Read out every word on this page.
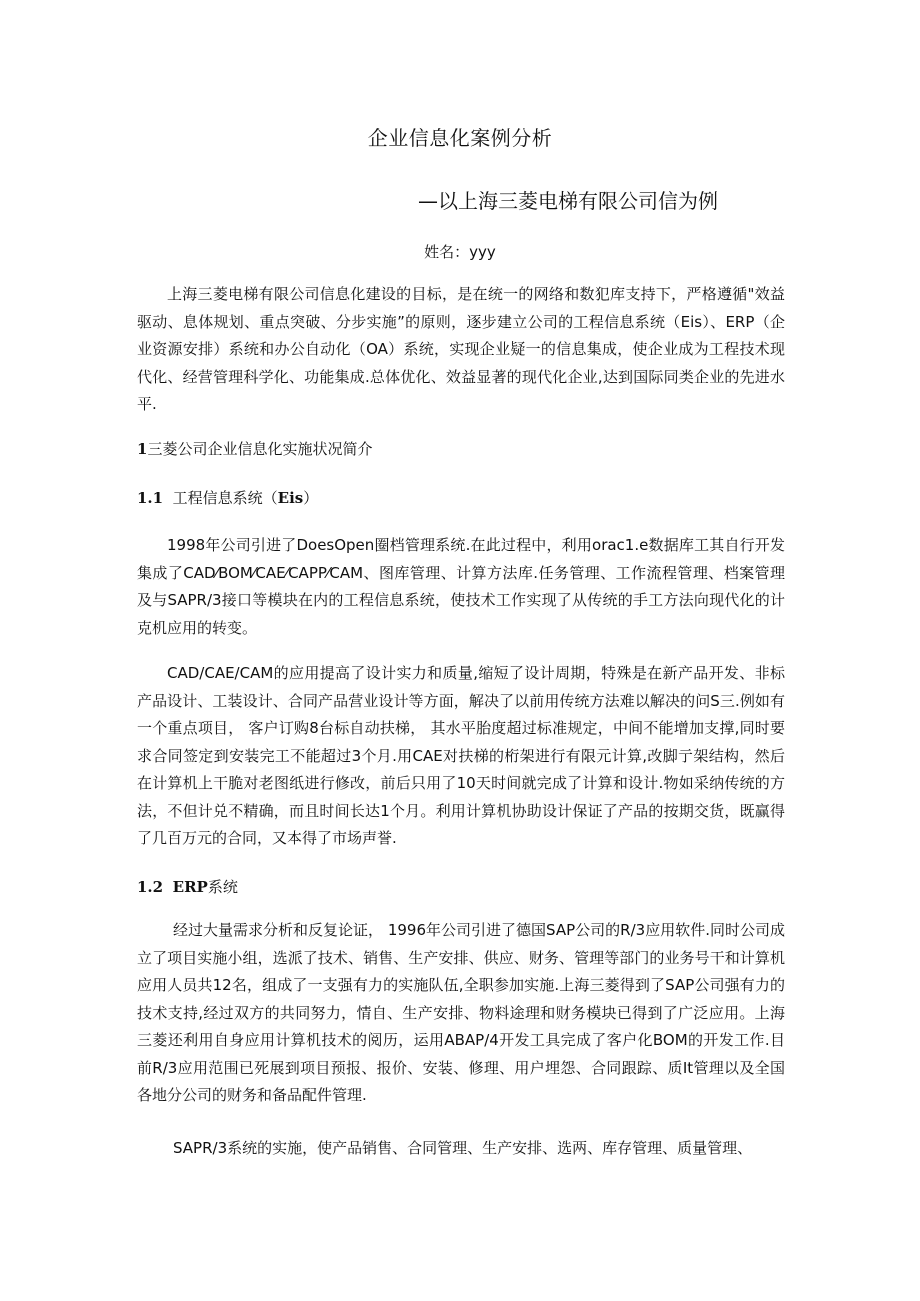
企业信息化案例分析
—以上海三菱电梯有限公司信为例
姓名：yyy

上海三菱电梯有限公司信息化建设的目标，是在统一的网络和数犯库支持下，严格遵循"效益驱动、息体规划、重点突破、分步实施”的原则，逐步建立公司的工程信息系统（Eis）、ERP（企业资源安排）系统和办公自动化（OA）系统，实现企业疑一的信息集成，使企业成为工程技术现代化、经营管理科学化、功能集成.总体优化、效益显著的现代化企业,达到国际同类企业的先进水平.

1三菱公司企业信息化实施状况简介
1.1 工程信息系统（Eis）

1998年公司引进了DoesOpen圈档管理系统.在此过程中，利用orac1.e数据库工其自行开发集成了CAD⁄BOM⁄CAE⁄CAPP⁄CAM、图库管理、计算方法库.任务管理、工作流程管理、档案管理及与SAPR/3接口等模块在内的工程信息系统，使技术工作实现了从传统的手工方法向现代化的计克机应用的转变。

CAD/CAE/CAM的应用提高了设计实力和质量,缩短了设计周期，特殊是在新产品开发、非标产品设计、工装设计、合同产品营业设计等方面，解决了以前用传统方法难以解决的问S三.例如有一个重点项目， 客户订购8台标自动扶梯， 其水平胎度超过标准规定，中间不能增加支撑,同时要求合同签定到安装完工不能超过3个月.用CAE对扶梯的桁架进行有限元计算,改脚亍架结构，然后在计算机上干脆对老图纸进行修改，前后只用了10天时间就完成了计算和设计.物如采纳传统的方法，不但计兑不精确，而且时间长达1个月。利用计算机协助设计保证了产品的按期交货，既赢得了几百万元的合同，又本得了市场声誉.

1.2 ERP系统

经过大量需求分析和反复论证， 1996年公司引进了德国SAP公司的R/3应用软件.同时公司成立了项目实施小组，选派了技术、销售、生产安排、供应、财务、管理等部门的业务号干和计算机应用人员共12名，组成了一支强有力的实施队伍,全职参加实施.上海三菱得到了SAP公司强有力的技术支持,经过双方的共同努力，情自、生产安排、物料途理和财务模块已得到了广泛应用。上海三菱还利用自身应用计算机技术的阅历，运用ABAP/4开发工具完成了客户化BOM的开发工作.目前R/3应用范围已死展到项目预报、报价、安装、修理、用户埋怨、合同跟踪、质It管理以及全国各地分公司的财务和备品配件管理.

SAPR/3系统的实施，使产品销售、合同管理、生产安排、选两、库存管理、质量管理、
